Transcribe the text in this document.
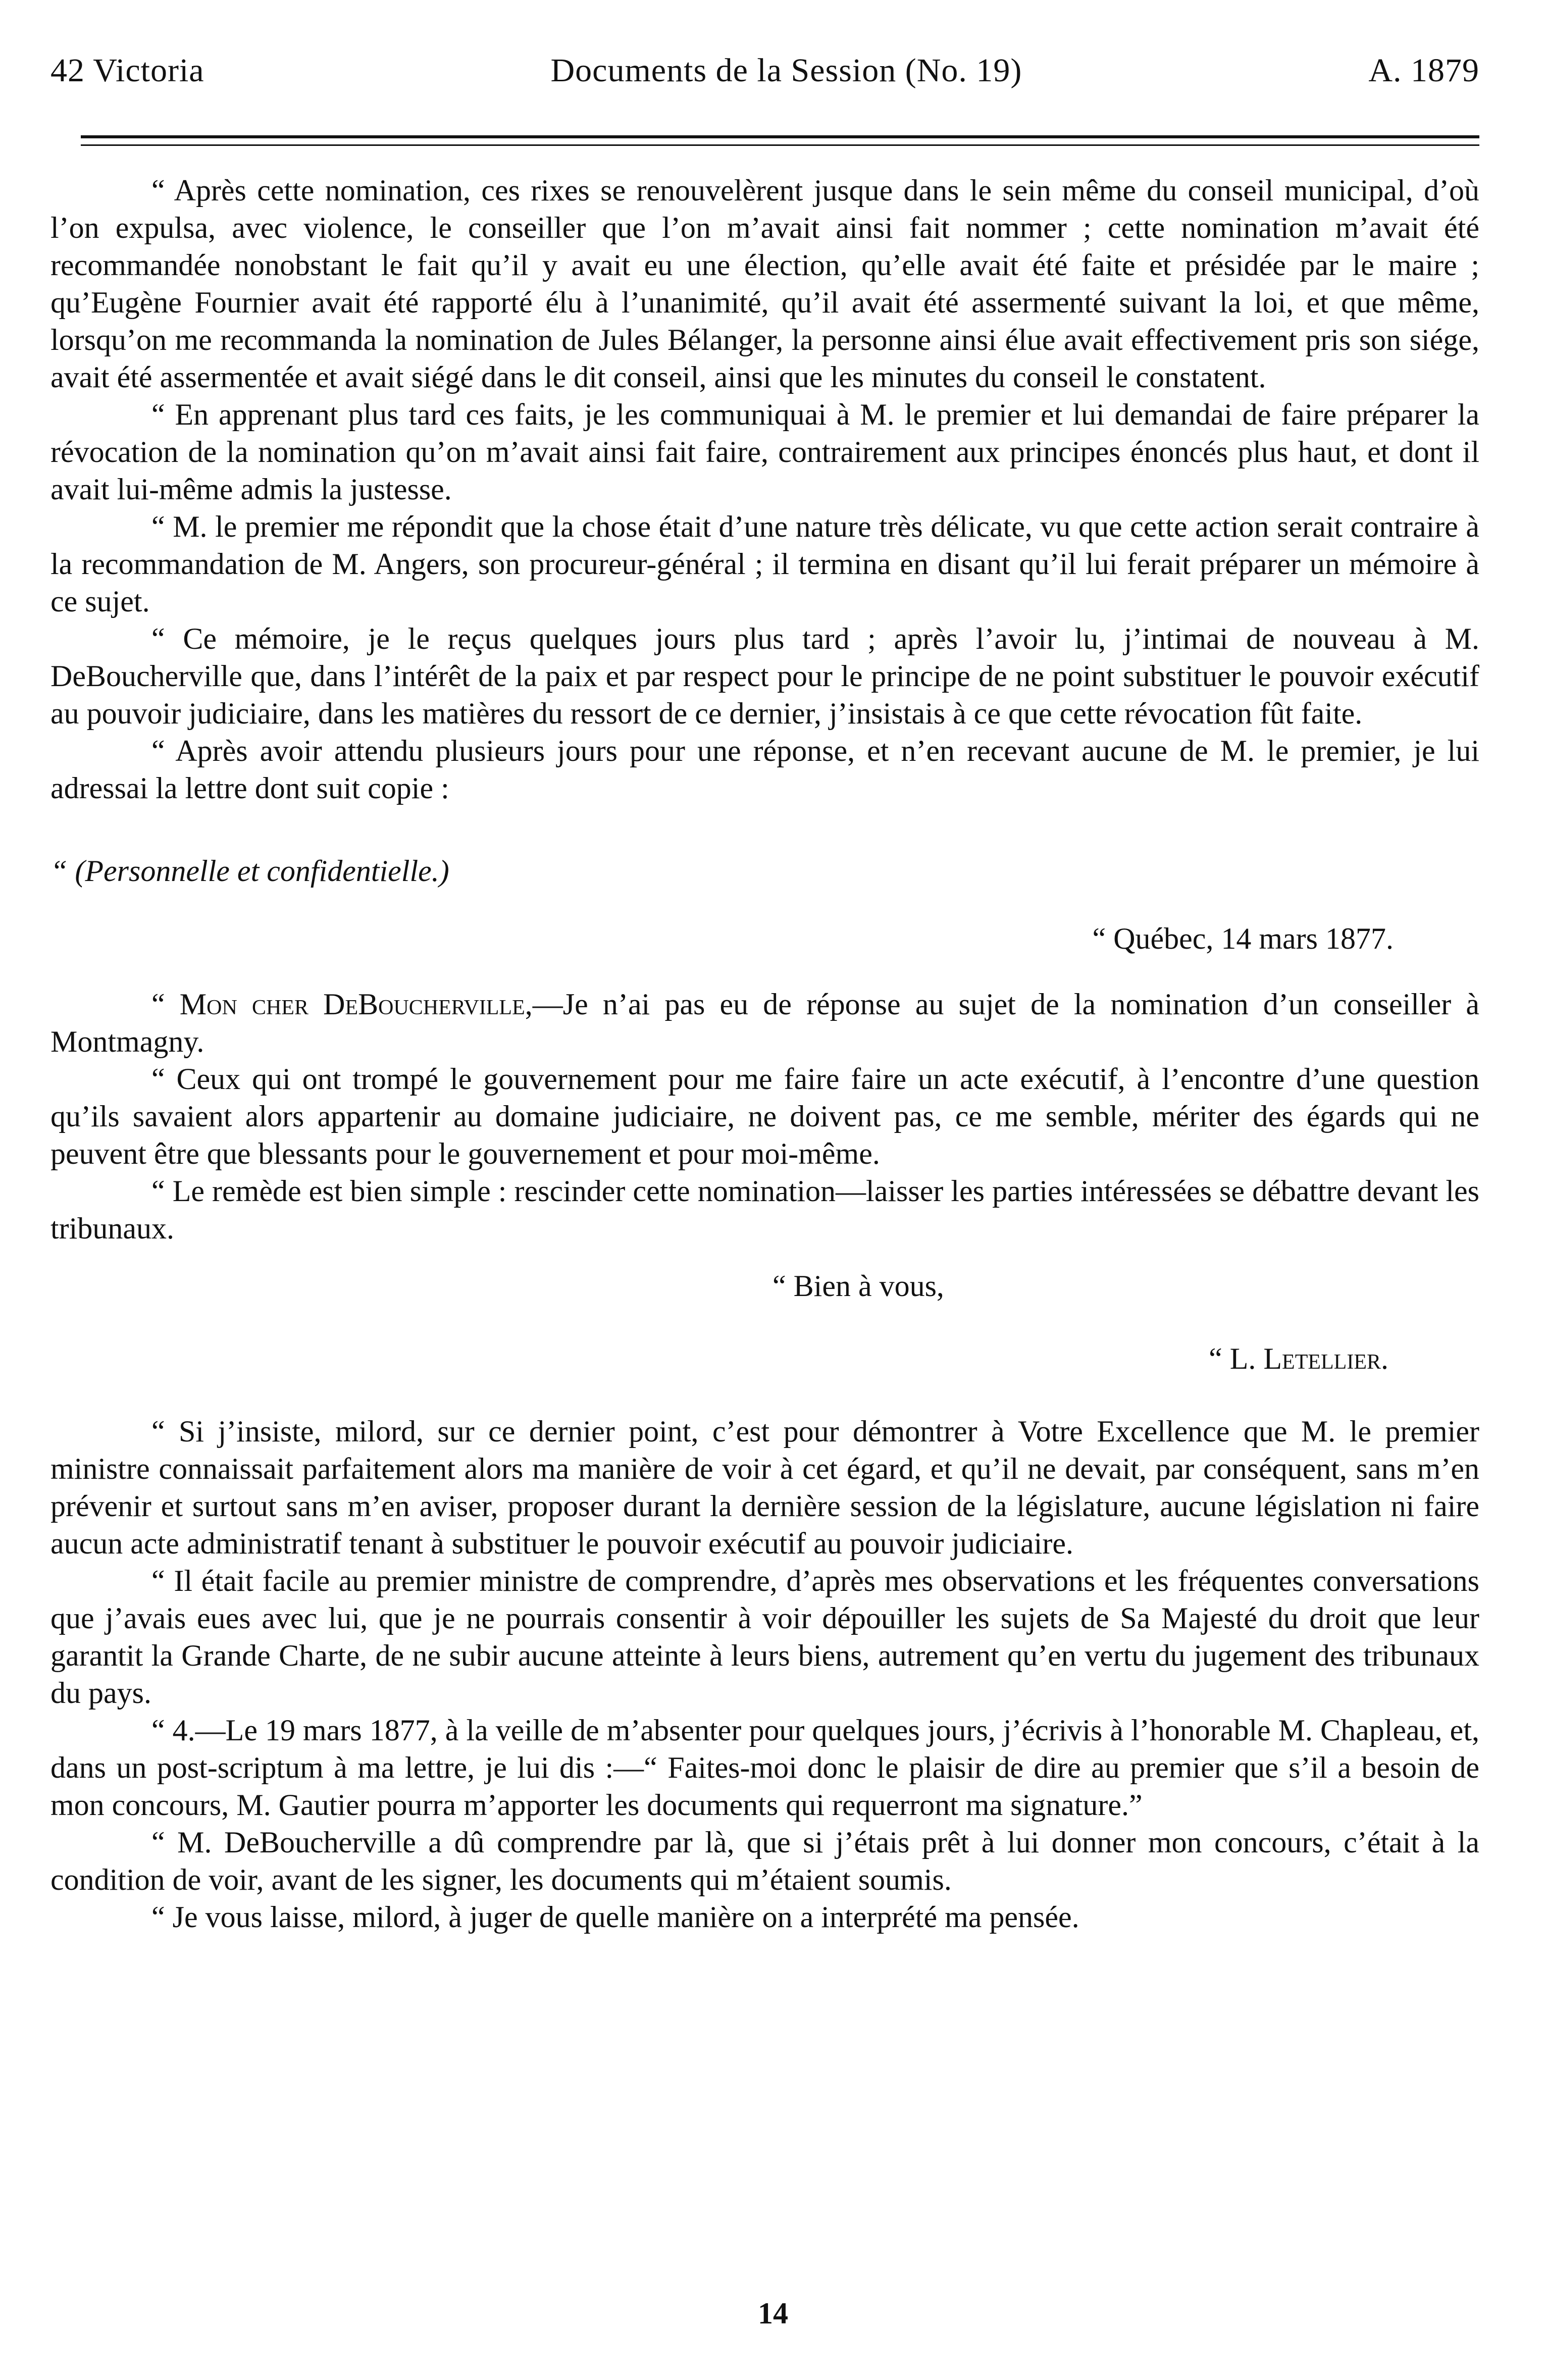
42 Victoria	Documents de la Session (No. 19)	A. 1879

“ Après cette nomination, ces rixes se renouvelèrent jusque dans le sein même du conseil municipal, d’où l’on expulsa, avec violence, le conseiller que l’on m’avait ainsi fait nommer ; cette nomination m’avait été recommandée nonobstant le fait qu’il y avait eu une élection, qu’elle avait été faite et présidée par le maire ; qu’Eugène Fournier avait été rapporté élu à l’unanimité, qu’il avait été assermenté suivant la loi, et que même, lorsqu’on me recommanda la nomination de Jules Bélanger, la personne ainsi élue avait effectivement pris son siége, avait été assermentée et avait siégé dans le dit conseil, ainsi que les minutes du conseil le constatent.

“ En apprenant plus tard ces faits, je les communiquai à M. le premier et lui demandai de faire préparer la révocation de la nomination qu’on m’avait ainsi fait faire, contrairement aux principes énoncés plus haut, et dont il avait lui-même admis la justesse.

“ M. le premier me répondit que la chose était d’une nature très délicate, vu que cette action serait contraire à la recommandation de M. Angers, son procureur-général ; il termina en disant qu’il lui ferait préparer un mémoire à ce sujet.

“ Ce mémoire, je le reçus quelques jours plus tard ; après l’avoir lu, j’intimai de nouveau à M. DeBoucherville que, dans l’intérêt de la paix et par respect pour le principe de ne point substituer le pouvoir exécutif au pouvoir judiciaire, dans les matières du ressort de ce dernier, j’insistais à ce que cette révocation fût faite.

“ Après avoir attendu plusieurs jours pour une réponse, et n’en recevant aucune de M. le premier, je lui adressai la lettre dont suit copie :

“ (Personnelle et confidentielle.)

“ Québec, 14 mars 1877.

“ Mon cher DeBoucherville,—Je n’ai pas eu de réponse au sujet de la nomination d’un conseiller à Montmagny.

“ Ceux qui ont trompé le gouvernement pour me faire faire un acte exécutif, à l’encontre d’une question qu’ils savaient alors appartenir au domaine judiciaire, ne doivent pas, ce me semble, mériter des égards qui ne peuvent être que blessants pour le gouvernement et pour moi-même.

“ Le remède est bien simple : rescinder cette nomination—laisser les parties intéressées se débattre devant les tribunaux.

“ Bien à vous,

“ L. Letellier.

“ Si j’insiste, milord, sur ce dernier point, c’est pour démontrer à Votre Excellence que M. le premier ministre connaissait parfaitement alors ma manière de voir à cet égard, et qu’il ne devait, par conséquent, sans m’en prévenir et surtout sans m’en aviser, proposer durant la dernière session de la législature, aucune législation ni faire aucun acte administratif tenant à substituer le pouvoir exécutif au pouvoir judiciaire.

“ Il était facile au premier ministre de comprendre, d’après mes observations et les fréquentes conversations que j’avais eues avec lui, que je ne pourrais consentir à voir dépouiller les sujets de Sa Majesté du droit que leur garantit la Grande Charte, de ne subir aucune atteinte à leurs biens, autrement qu’en vertu du jugement des tribunaux du pays.

“ 4.—Le 19 mars 1877, à la veille de m’absenter pour quelques jours, j’écrivis à l’honorable M. Chapleau, et, dans un post-scriptum à ma lettre, je lui dis :—“ Faites-moi donc le plaisir de dire au premier que s’il a besoin de mon concours, M. Gautier pourra m’apporter les documents qui requerront ma signature.”

“ M. DeBoucherville a dû comprendre par là, que si j’étais prêt à lui donner mon concours, c’était à la condition de voir, avant de les signer, les documents qui m’étaient soumis.

“ Je vous laisse, milord, à juger de quelle manière on a interprété ma pensée.

14
